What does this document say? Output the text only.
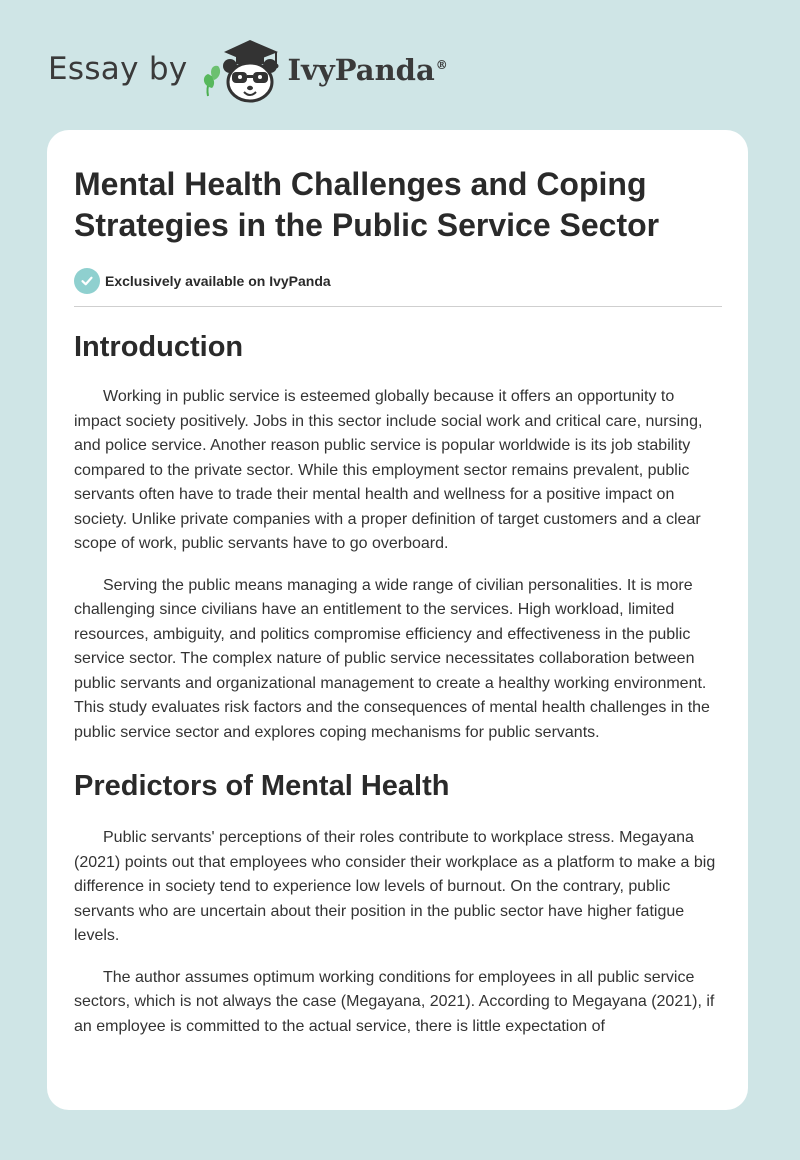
Essay by	IvyPanda®
Mental Health Challenges and Coping Strategies in the Public Service Sector
Exclusively available on IvyPanda
Introduction

Working in public service is esteemed globally because it offers an opportunity to impact society positively. Jobs in this sector include social work and critical care, nursing, and police service. Another reason public service is popular worldwide is its job stability compared to the private sector. While this employment sector remains prevalent, public servants often have to trade their mental health and wellness for a positive impact on society. Unlike private companies with a proper definition of target customers and a clear scope of work, public servants have to go overboard.

Serving the public means managing a wide range of civilian personalities. It is more challenging since civilians have an entitlement to the services. High workload, limited resources, ambiguity, and politics compromise efficiency and effectiveness in the public service sector. The complex nature of public service necessitates collaboration between public servants and organizational management to create a healthy working environment. This study evaluates risk factors and the consequences of mental health challenges in the public service sector and explores coping mechanisms for public servants.

Predictors of Mental Health

Public servants' perceptions of their roles contribute to workplace stress. Megayana (2021) points out that employees who consider their workplace as a platform to make a big difference in society tend to experience low levels of burnout. On the contrary, public servants who are uncertain about their position in the public sector have higher fatigue levels.

The author assumes optimum working conditions for employees in all public service sectors, which is not always the case (Megayana, 2021). According to Megayana (2021), if an employee is committed to the actual service, there is little expectation of
